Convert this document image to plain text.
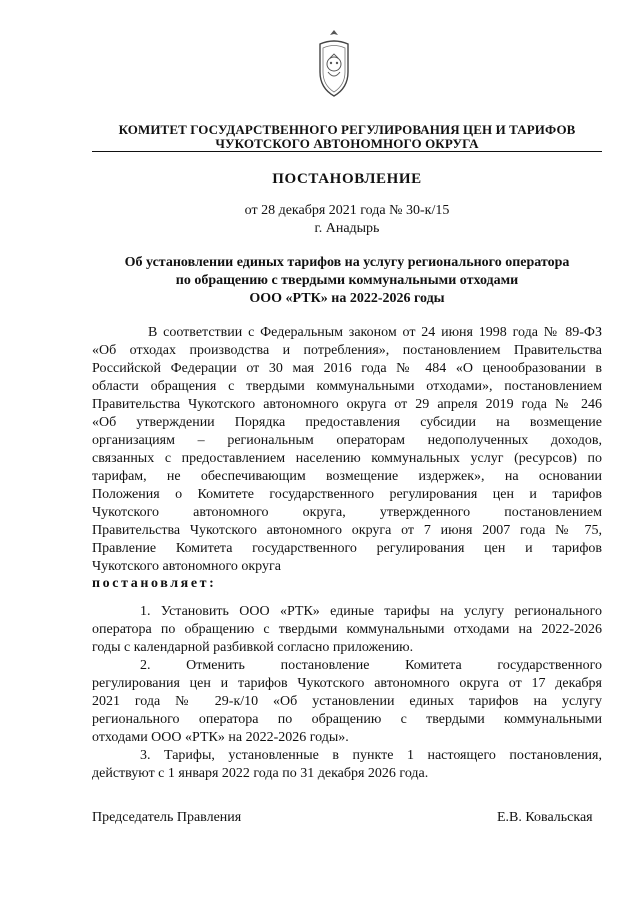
КОМИТЕТ ГОСУДАРСТВЕННОГО РЕГУЛИРОВАНИЯ ЦЕН И ТАРИФОВ
ЧУКОТСКОГО АВТОНОМНОГО ОКРУГА
ПОСТАНОВЛЕНИЕ
от 28 декабря 2021 года № 30-к/15
г. Анадырь
Об установлении единых тарифов на услугу регионального оператора
по обращению с твердыми коммунальными отходами
ООО «РТК» на 2022-2026 годы
В соответствии с Федеральным законом от 24 июня 1998 года № 89-ФЗ
«Об отходах производства и потребления», постановлением Правительства
Российской Федерации от 30 мая 2016 года № 484 «О ценообразовании в
области обращения с твердыми коммунальными отходами», постановлением
Правительства Чукотского автономного округа от 29 апреля 2019 года № 246
«Об утверждении Порядка предоставления субсидии на возмещение
организациям – региональным операторам недополученных доходов,
связанных с предоставлением населению коммунальных услуг (ресурсов) по
тарифам, не обеспечивающим возмещение издержек», на основании
Положения о Комитете государственного регулирования цен и тарифов
Чукотского автономного округа, утвержденного постановлением
Правительства Чукотского автономного округа от 7 июня 2007 года № 75,
Правление Комитета государственного регулирования цен и тарифов
Чукотского автономного округа
постановляет:
1. Установить ООО «РТК» единые тарифы на услугу регионального
оператора по обращению с твердыми коммунальными отходами на 2022-2026
годы с календарной разбивкой согласно приложению.
2. Отменить постановление Комитета государственного
регулирования цен и тарифов Чукотского автономного округа от 17 декабря
2021 года № 29-к/10 «Об установлении единых тарифов на услугу
регионального оператора по обращению с твердыми коммунальными
отходами ООО «РТК» на 2022-2026 годы».
3. Тарифы, установленные в пункте 1 настоящего постановления,
действуют с 1 января 2022 года по 31 декабря 2026 года.
Председатель Правления	Е.В. Ковальская
